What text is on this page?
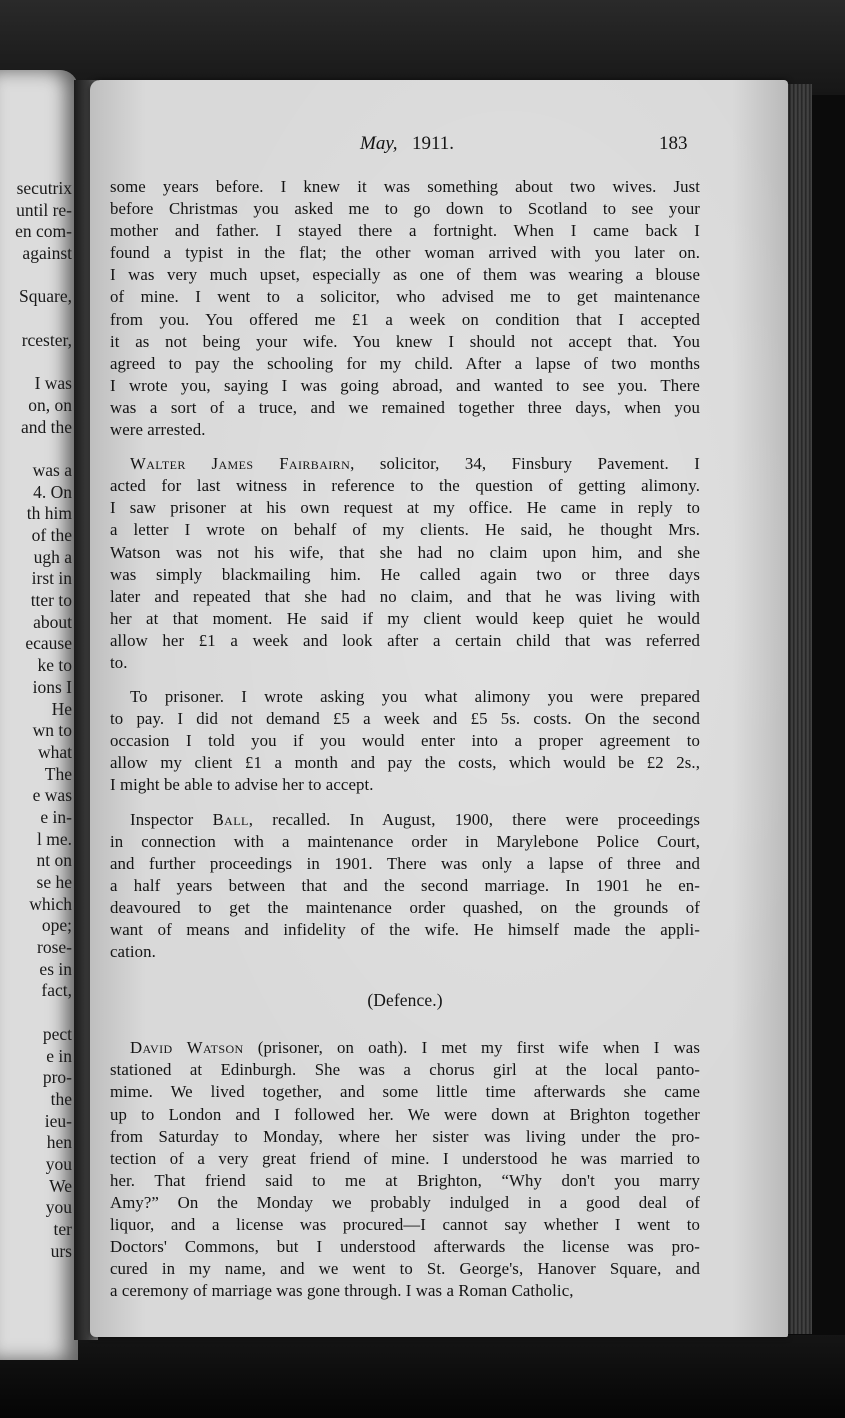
secutrix
until re-
en com-
against

Square,

rcester,

I was
on, on
and the

was a
4. On
th him
of the
ugh a
irst in
tter to
about
ecause
ke to
ions I
He
wn to
what
The
e was
e in-
l me.
nt on
se he
which
ope;
rose-
es in
fact,

pect
e in
pro-
the
ieu-
hen
you
We
you
ter
urs
May, 1911.	183
some years before. I knew it was something about two wives. Just
before Christmas you asked me to go down to Scotland to see your
mother and father. I stayed there a fortnight. When I came back I
found a typist in the flat; the other woman arrived with you later on.
I was very much upset, especially as one of them was wearing a blouse
of mine. I went to a solicitor, who advised me to get maintenance
from you. You offered me £1 a week on condition that I accepted
it as not being your wife. You knew I should not accept that. You
agreed to pay the schooling for my child. After a lapse of two months
I wrote you, saying I was going abroad, and wanted to see you. There
was a sort of a truce, and we remained together three days, when you
were arrested.
Walter James Fairbairn, solicitor, 34, Finsbury Pavement. I
acted for last witness in reference to the question of getting alimony.
I saw prisoner at his own request at my office. He came in reply to
a letter I wrote on behalf of my clients. He said, he thought Mrs.
Watson was not his wife, that she had no claim upon him, and she
was simply blackmailing him. He called again two or three days
later and repeated that she had no claim, and that he was living with
her at that moment. He said if my client would keep quiet he would
allow her £1 a week and look after a certain child that was referred
to.
To prisoner. I wrote asking you what alimony you were prepared
to pay. I did not demand £5 a week and £5 5s. costs. On the second
occasion I told you if you would enter into a proper agreement to
allow my client £1 a month and pay the costs, which would be £2 2s.,
I might be able to advise her to accept.
Inspector Ball, recalled. In August, 1900, there were proceedings
in connection with a maintenance order in Marylebone Police Court,
and further proceedings in 1901. There was only a lapse of three and
a half years between that and the second marriage. In 1901 he en-
deavoured to get the maintenance order quashed, on the grounds of
want of means and infidelity of the wife. He himself made the appli-
cation.
(Defence.)
David Watson (prisoner, on oath). I met my first wife when I was
stationed at Edinburgh. She was a chorus girl at the local panto-
mime. We lived together, and some little time afterwards she came
up to London and I followed her. We were down at Brighton together
from Saturday to Monday, where her sister was living under the pro-
tection of a very great friend of mine. I understood he was married to
her. That friend said to me at Brighton, “Why don't you marry
Amy?” On the Monday we probably indulged in a good deal of
liquor, and a license was procured—I cannot say whether I went to
Doctors' Commons, but I understood afterwards the license was pro-
cured in my name, and we went to St. George's, Hanover Square, and
a ceremony of marriage was gone through. I was a Roman Catholic,
